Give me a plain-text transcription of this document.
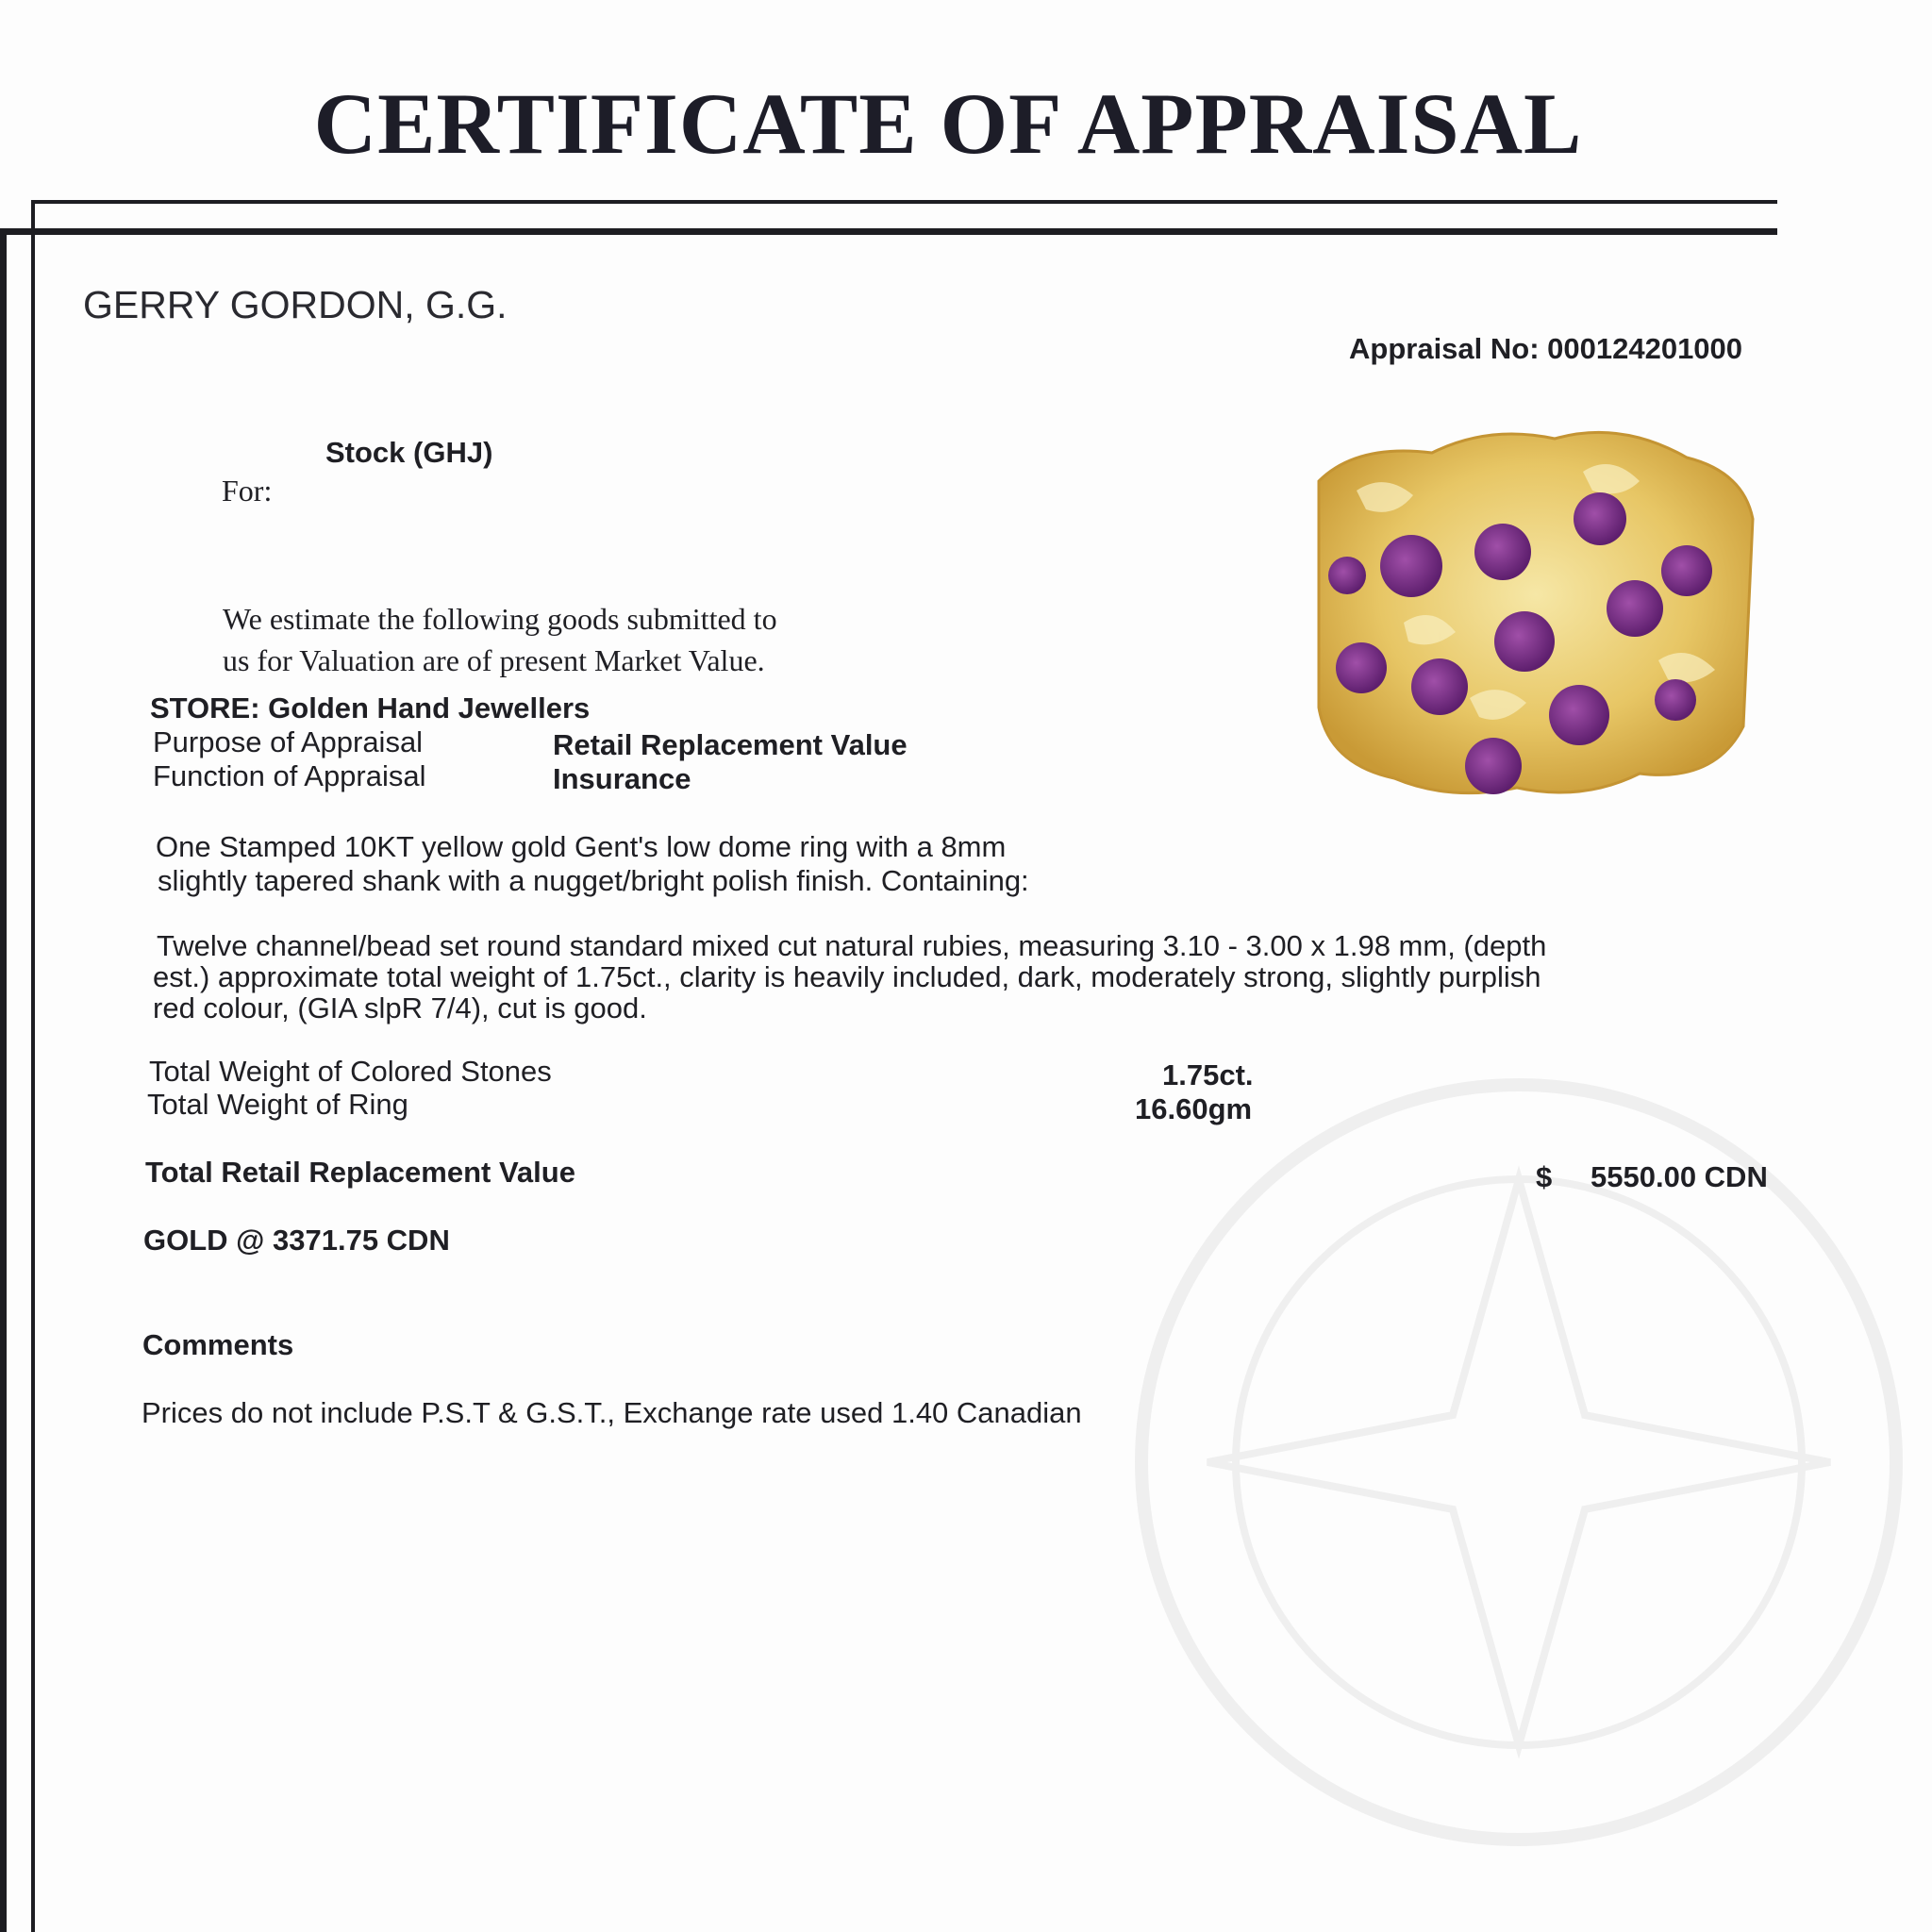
CERTIFICATE OF APPRAISAL
GERRY GORDON, G.G.
Appraisal No: 000124201000
Stock (GHJ)
For:
We estimate the following goods submitted to
us for Valuation are of present Market Value.
STORE: Golden Hand Jewellers
Purpose of Appraisal	Retail Replacement Value
Function of Appraisal	Insurance
One Stamped 10KT yellow gold Gent's low dome ring with a 8mm
slightly tapered shank with a nugget/bright polish finish. Containing:
Twelve channel/bead set round standard mixed cut natural rubies, measuring 3.10 - 3.00 x 1.98 mm, (depth
est.) approximate total weight of 1.75ct., clarity is heavily included, dark, moderately strong, slightly purplish
red colour, (GIA slpR 7/4), cut is good.
Total Weight of Colored Stones	1.75ct.
Total Weight of Ring	16.60gm
Total Retail Replacement Value	$ 5550.00 CDN
GOLD @ 3371.75 CDN
Comments
Prices do not include P.S.T & G.S.T., Exchange rate used 1.40 Canadian
